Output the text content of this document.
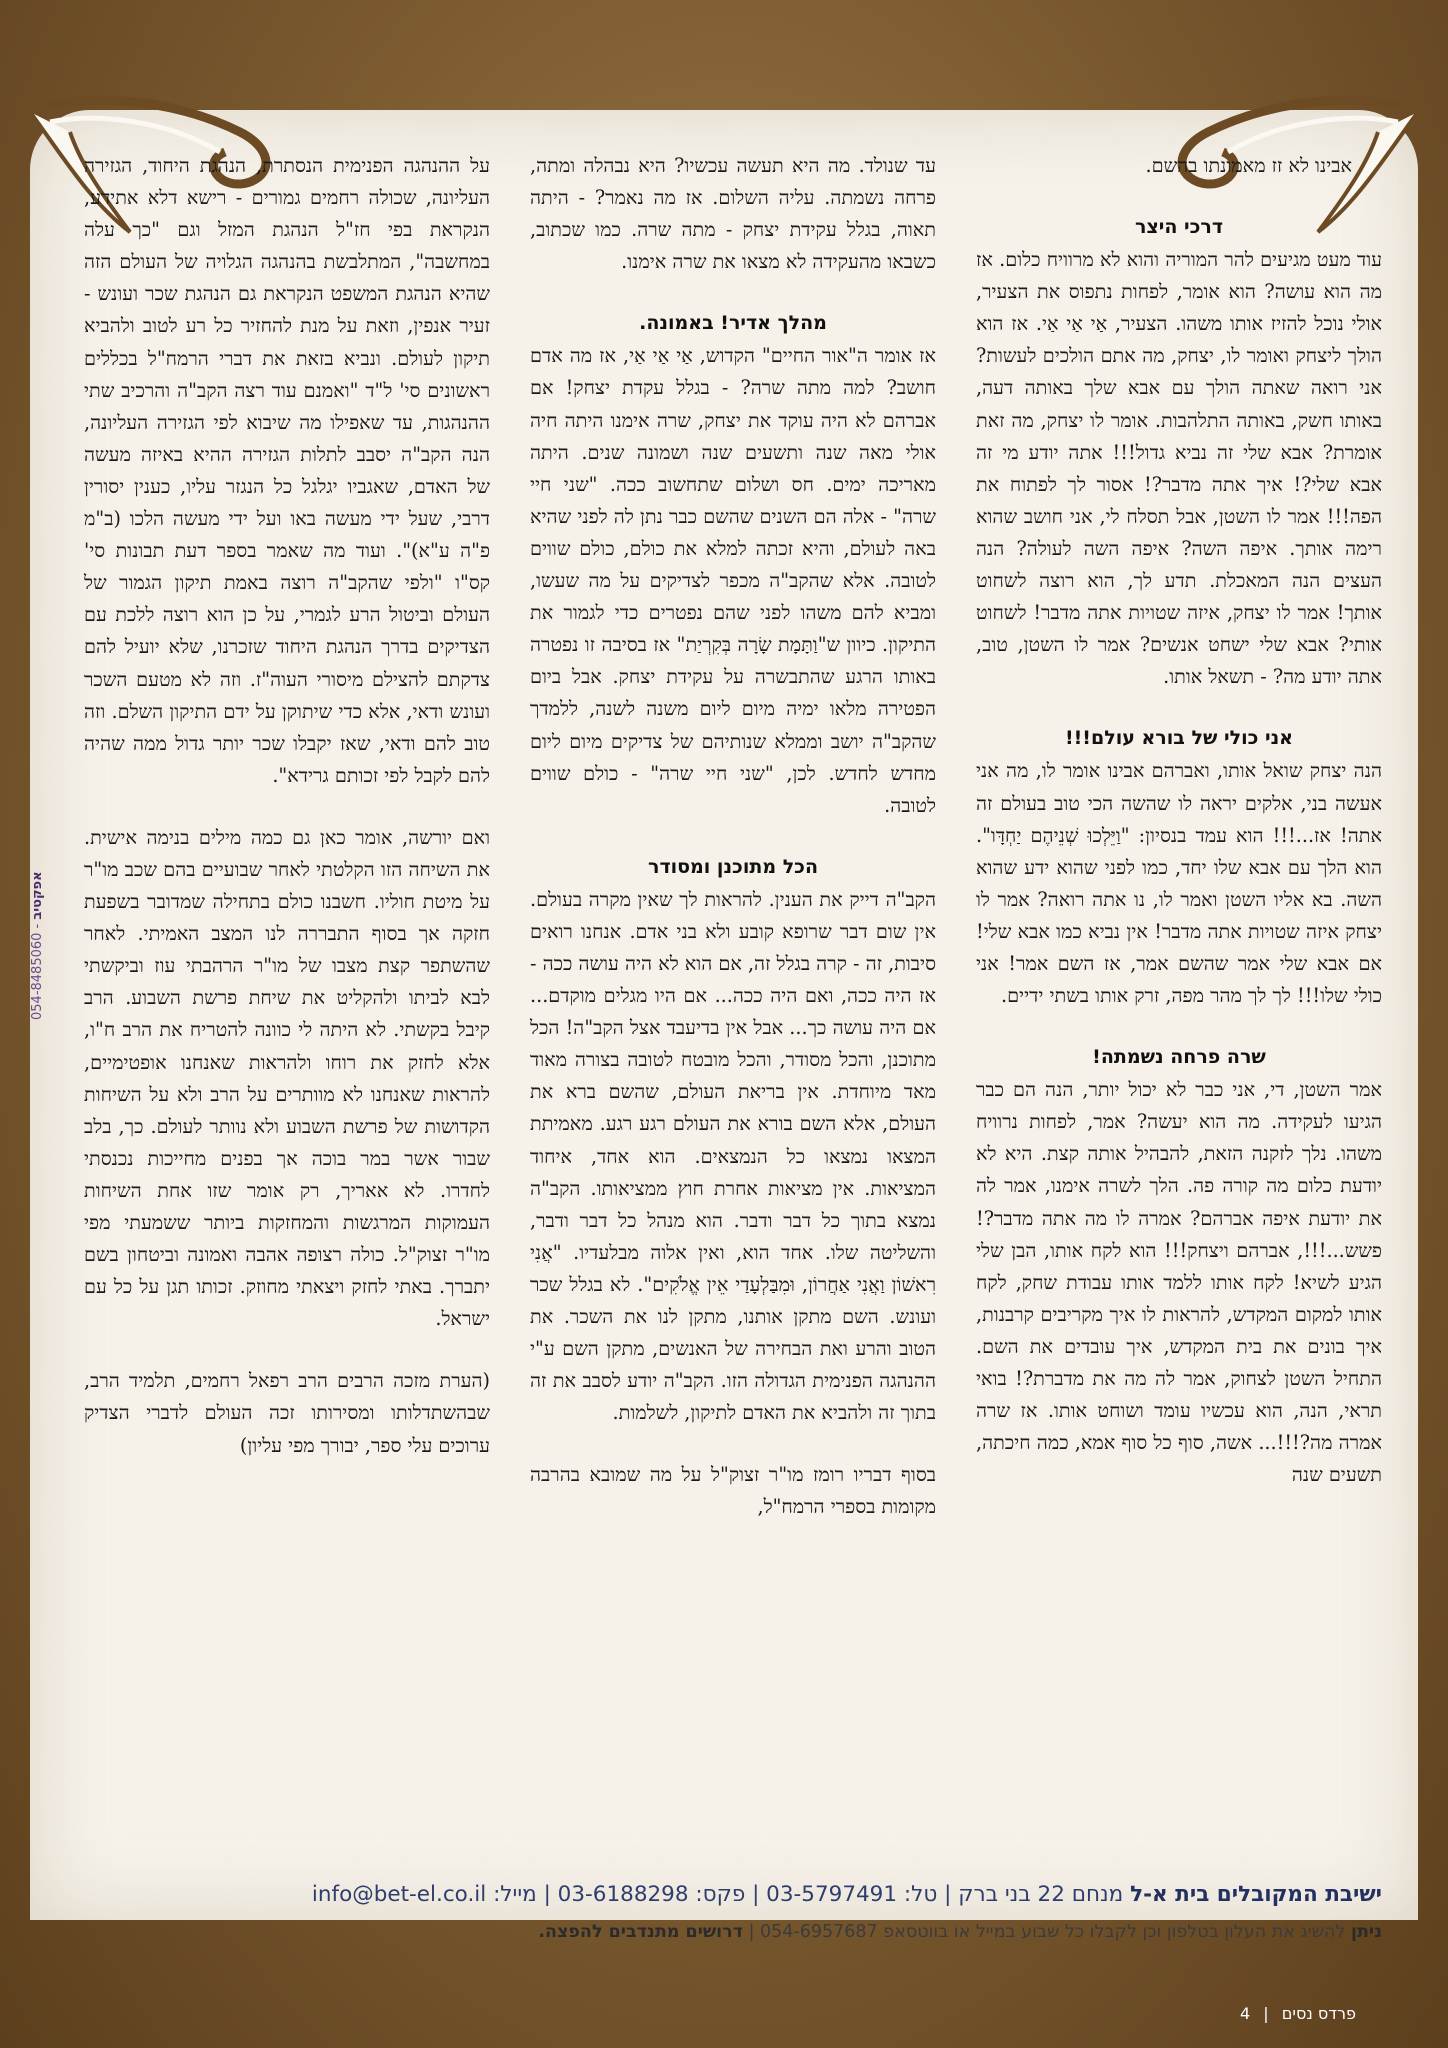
אבינו לא זז מאמונתו בהשם.

דרכי היצר

עוד מעט מגיעים להר המוריה והוא לא מרוויח כלום. אז מה הוא עושה? הוא אומר, לפחות נתפוס את הצעיר, אולי נוכל להזיז אותו משהו. הצעיר, אַי אַי אַי. אז הוא הולך ליצחק ואומר לו, יצחק, מה אתם הולכים לעשות? אני רואה שאתה הולך עם אבא שלך באותה דעה, באותו חשק, באותה התלהבות. אומר לו יצחק, מה זאת אומרת? אבא שלי זה נביא גדול!!! אתה יודע מי זה אבא שלי?! איך אתה מדבר?! אסור לך לפתוח את הפה!!! אמר לו השטן, אבל תסלח לי, אני חושב שהוא רימה אותך. איפה השה? איפה השה לעולה? הנה העצים הנה המאכלת. תדע לך, הוא רוצה לשחוט אותך! אמר לו יצחק, איזה שטויות אתה מדבר! לשחוט אותי? אבא שלי ישחט אנשים? אמר לו השטן, טוב, אתה יודע מה? - תשאל אותו.

אני כולי של בורא עולם!!!

הנה יצחק שואל אותו, ואברהם אבינו אומר לו, מה אני אעשה בני, אלקים יראה לו שהשה הכי טוב בעולם זה אתה! אז...!!! הוא עמד בנסיון: "וַיֵּלְכוּ שְׁנֵיהֶם יַחְדָּו". הוא הלך עם אבא שלו יחד, כמו לפני שהוא ידע שהוא השה. בא אליו השטן ואמר לו, נו אתה רואה? אמר לו יצחק איזה שטויות אתה מדבר! אין נביא כמו אבא שלי! אם אבא שלי אמר שהשם אמר, אז השם אמר! אני כולי שלו!!! לך לך מהר מפה, זרק אותו בשתי ידיים.

שרה פרחה נשמתה!

אמר השטן, די, אני כבר לא יכול יותר, הנה הם כבר הגיעו לעקידה. מה הוא יעשה? אמר, לפחות נרוויח משהו. נלך לזקנה הזאת, להבהיל אותה קצת. היא לא יודעת כלום מה קורה פה. הלך לשרה אימנו, אמר לה את יודעת איפה אברהם? אמרה לו מה אתה מדבר?! פשש...!!!, אברהם ויצחק!!! הוא לקח אותו, הבן שלי הגיע לשיא! לקח אותו ללמד אותו עבודת שחק, לקח אותו למקום המקדש, להראות לו איך מקריבים קרבנות, איך בונים את בית המקדש, איך עובדים את השם. התחיל השטן לצחוק, אמר לה מה את מדברת?! בואי תראי, הנה, הוא עכשיו עומד ושוחט אותו. אז שרה אמרה מה?!!!... אשה, סוף כל סוף אמא, כמה חיכתה, תשעים שנה

עד שנולד. מה היא תעשה עכשיו? היא נבהלה ומתה, פרחה נשמתה. עליה השלום. אז מה נאמר? - היתה תאוה, בגלל עקידת יצחק - מתה שרה. כמו שכתוב, כשבאו מהעקידה לא מצאו את שרה אימנו.

מהלך אדיר! באמונה.

אז אומר ה"אור החיים" הקדוש, אַי אַי אַי, אז מה אדם חושב? למה מתה שרה? - בגלל עקדת יצחק! אם אברהם לא היה עוקד את יצחק, שרה אימנו היתה חיה אולי מאה שנה ותשעים שנה ושמונה שנים. היתה מאריכה ימים. חס ושלום שתחשוב ככה. "שני חיי שרה" - אלה הם השנים שהשם כבר נתן לה לפני שהיא באה לעולם, והיא זכתה למלא את כולם, כולם שווים לטובה. אלא שהקב"ה מכפר לצדיקים על מה שעשו, ומביא להם משהו לפני שהם נפטרים כדי לגמור את התיקון. כיוון ש"וַתָּמָת שָׂרָה בְּקִרְיַת" אז בסיבה זו נפטרה באותו הרגע שהתבשרה על עקידת יצחק. אבל ביום הפטירה מלאו ימיה מיום ליום משנה לשנה, ללמדך שהקב"ה יושב וממלא שנותיהם של צדיקים מיום ליום מחדש לחדש. לכן, "שני חיי שרה" - כולם שווים לטובה.

הכל מתוכנן ומסודר

הקב"ה דייק את הענין. להראות לך שאין מקרה בעולם. אין שום דבר שרופא קובע ולא בני אדם. אנחנו רואים סיבות, זה - קרה בגלל זה, אם הוא לא היה עושה ככה - אז היה ככה, ואם היה ככה... אם היו מגלים מוקדם... אם היה עושה כך... אבל אין בדיעבד אצל הקב"ה! הכל מתוכנן, והכל מסודר, והכל מובטח לטובה בצורה מאוד מאד מיוחדת. אין בריאת העולם, שהשם ברא את העולם, אלא השם בורא את העולם רגע רגע. מאמיתת המצאו נמצאו כל הנמצאים. הוא אחד, איחוד המציאות. אין מציאות אחרת חוץ ממציאותו. הקב"ה נמצא בתוך כל דבר ודבר. הוא מנהל כל דבר ודבר, והשליטה שלו. אחד הוא, ואין אלוה מבלעדיו. "אֲנִי רִאשׁוֹן וַאֲנִי אַחֲרוֹן, וּמִבַּלְעָדַי אֵין אֱלֹקִים". לא בגלל שכר ועונש. השם מתקן אותנו, מתקן לנו את השכר. את הטוב והרע ואת הבחירה של האנשים, מתקן השם ע"י ההנהגה הפנימית הגדולה הזו. הקב"ה יודע לסבב את זה בתוך זה ולהביא את האדם לתיקון, לשלמות.

בסוף דבריו רומז מו"ר זצוק"ל על מה שמובא בהרבה מקומות בספרי הרמח"ל,

על ההנהגה הפנימית הנסתרת, הנהגת היחוד, הגזירה העליונה, שכולה רחמים גמורים - רישא דלא אתידע, הנקראת בפי חז"ל הנהגת המזל וגם "כך עלה במחשבה", המתלבשת בהנהגה הגלויה של העולם הזה שהיא הנהגת המשפט הנקראת גם הנהגת שכר ועונש - זעיר אנפין, וזאת על מנת להחזיר כל רע לטוב ולהביא תיקון לעולם. ונביא בזאת את דברי הרמח"ל בכללים ראשונים סי' ל"ד "ואמנם עוד רצה הקב"ה והרכיב שתי ההנהגות, עד שאפילו מה שיבוא לפי הגזירה העליונה, הנה הקב"ה יסבב לתלות הגזירה ההיא באיזה מעשה של האדם, שאגביו יגלגל כל הנגזר עליו, כענין יסורין דרבי, שעל ידי מעשה באו ועל ידי מעשה הלכו (ב"מ פ"ה ע"א)". ועוד מה שאמר בספר דעת תבונות סי' קס"ו "ולפי שהקב"ה רוצה באמת תיקון הגמור של העולם וביטול הרע לגמרי, על כן הוא רוצה ללכת עם הצדיקים בדרך הנהגת היחוד שזכרנו, שלא יועיל להם צדקתם להצילם מיסורי העוה"ז. וזה לא מטעם השכר ועונש ודאי, אלא כדי שיתוקן על ידם התיקון השלם. וזה טוב להם ודאי, שאז יקבלו שכר יותר גדול ממה שהיה להם לקבל לפי זכותם גרידא".

ואם יורשה, אומר כאן גם כמה מילים בנימה אישית. את השיחה הזו הקלטתי לאחר שבועיים בהם שכב מו"ר על מיטת חוליו. חשבנו כולם בתחילה שמדובר בשפעת חזקה אך בסוף התבררה לנו המצב האמיתי. לאחר שהשתפר קצת מצבו של מו"ר הרהבתי עוז וביקשתי לבא לביתו ולהקליט את שיחת פרשת השבוע. הרב קיבל בקשתי. לא היתה לי כוונה להטריח את הרב ח"ו, אלא לחזק את רוחו ולהראות שאנחנו אופטימיים, להראות שאנחנו לא מוותרים על הרב ולא על השיחות הקדושות של פרשת השבוע ולא נוותר לעולם. כך, בלב שבור אשר במר בוכה אך בפנים מחייכות נכנסתי לחדרו. לא אאריך, רק אומר שזו אחת השיחות העמוקות המרגשות והמחזקות ביותר ששמעתי מפי מו"ר זצוק"ל. כולה רצופה אהבה ואמונה וביטחון בשם יתברך. באתי לחזק ויצאתי מחוזק. זכותו תגן על כל עם ישראל.

(הערת מזכה הרבים הרב רפאל רחמים, תלמיד הרב, שבהשתדלותו ומסירותו זכה העולם לדברי הצדיק ערוכים עלי ספר, יבורך מפי עליון)

054-8485060 - אפקטיב
ישיבת המקובלים בית א-ל מנחם 22 בני ברק | טל: 03-5797491 | פקס: 03-6188298 | מייל: info@bet-el.co.il
ניתן להשיג את העלון בטלפון וכן לקבלו כל שבוע במייל או בווטסאפ 054-6957687 | דרושים מתנדבים להפצה.
פרדס נסים | 4
